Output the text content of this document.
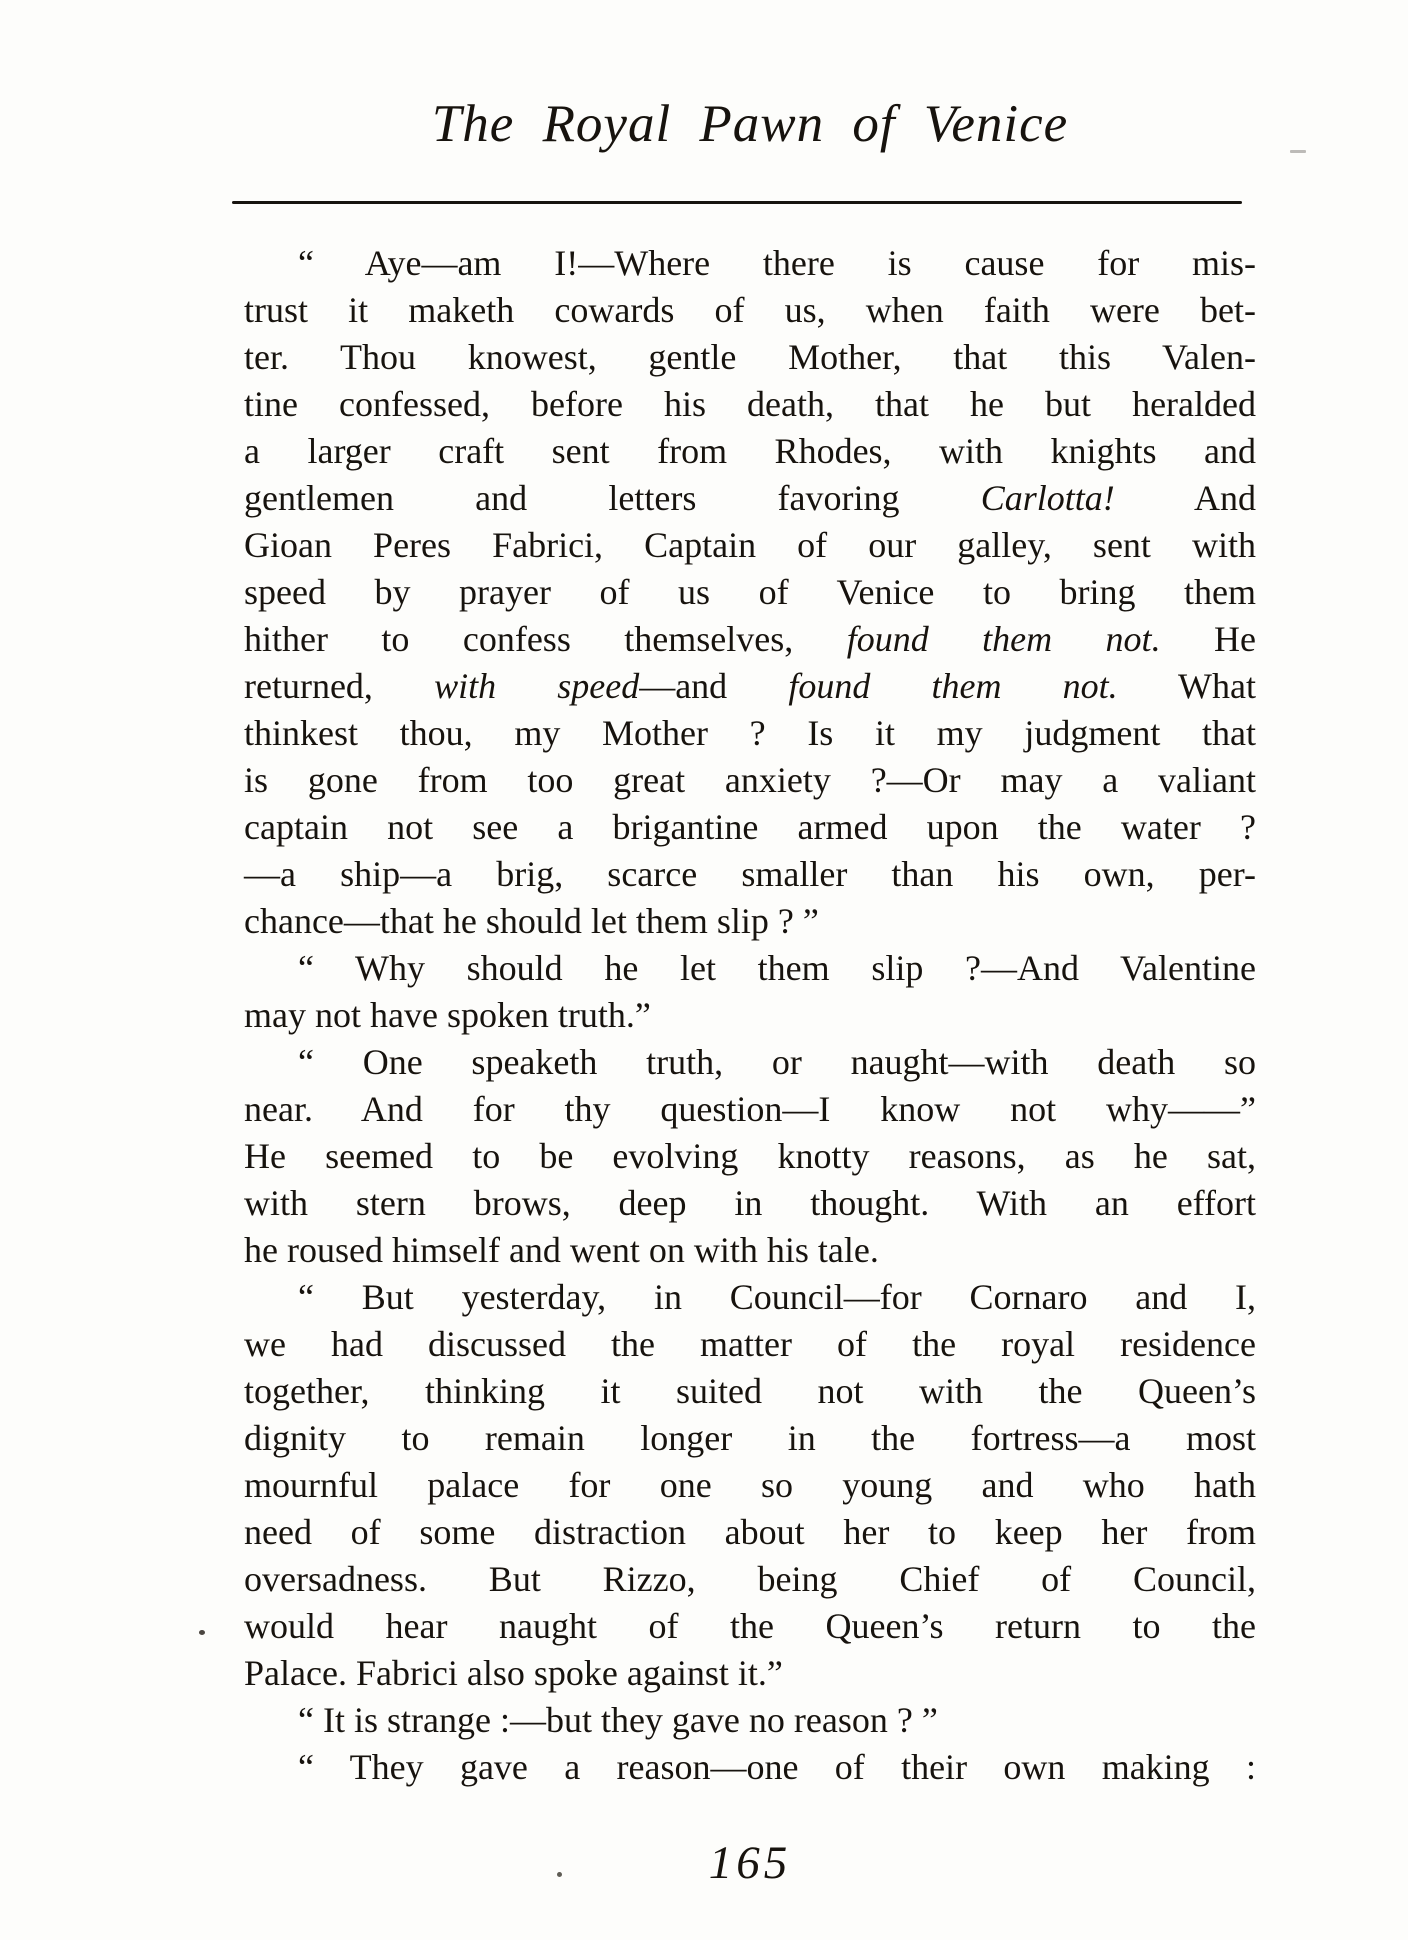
The Royal Pawn of Venice
“ Aye—am I!—Where there is cause for mis-
trust it maketh cowards of us, when faith were bet-
ter. Thou knowest, gentle Mother, that this Valen-
tine confessed, before his death, that he but heralded
a larger craft sent from Rhodes, with knights and
gentlemen and letters favoring Carlotta! And
Gioan Peres Fabrici, Captain of our galley, sent with
speed by prayer of us of Venice to bring them
hither to confess themselves, found them not. He
returned, with speed—and found them not. What
thinkest thou, my Mother ? Is it my judgment that
is gone from too great anxiety ?—Or may a valiant
captain not see a brigantine armed upon the water ?
—a ship—a brig, scarce smaller than his own, per-
chance—that he should let them slip ? ”
“ Why should he let them slip ?—And Valentine
may not have spoken truth.”
“ One speaketh truth, or naught—with death so
near. And for thy question—I know not why——”
He seemed to be evolving knotty reasons, as he sat,
with stern brows, deep in thought. With an effort
he roused himself and went on with his tale.
“ But yesterday, in Council—for Cornaro and I,
we had discussed the matter of the royal residence
together, thinking it suited not with the Queen’s
dignity to remain longer in the fortress—a most
mournful palace for one so young and who hath
need of some distraction about her to keep her from
oversadness. But Rizzo, being Chief of Council,
would hear naught of the Queen’s return to the
Palace. Fabrici also spoke against it.”
“ It is strange :—but they gave no reason ? ”
“ They gave a reason—one of their own making :
165
